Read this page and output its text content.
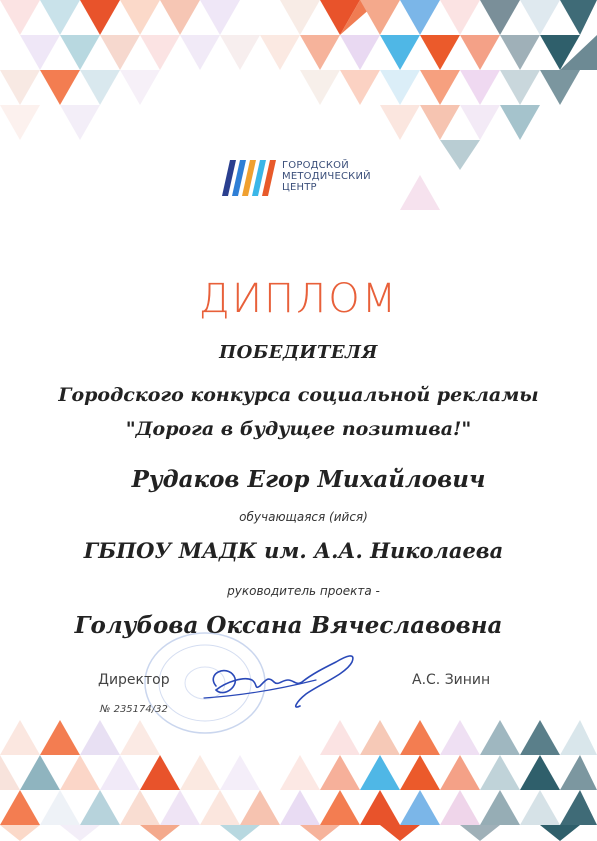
ГОРОДСКОЙ
МЕТОДИЧЕСКИЙ
ЦЕНТР
ДИПЛОМ
ПОБЕДИТЕЛЯ
Городского конкурса социальной рекламы
"Дорога в будущее позитива!"
Рудаков Егор Михайлович
обучающаяся (ийся)
ГБПОУ МАДК им. А.А. Николаева
руководитель проекта -
Голубова Оксана Вячеславовна
Директор	А.С. Зинин
№ 235174/32
